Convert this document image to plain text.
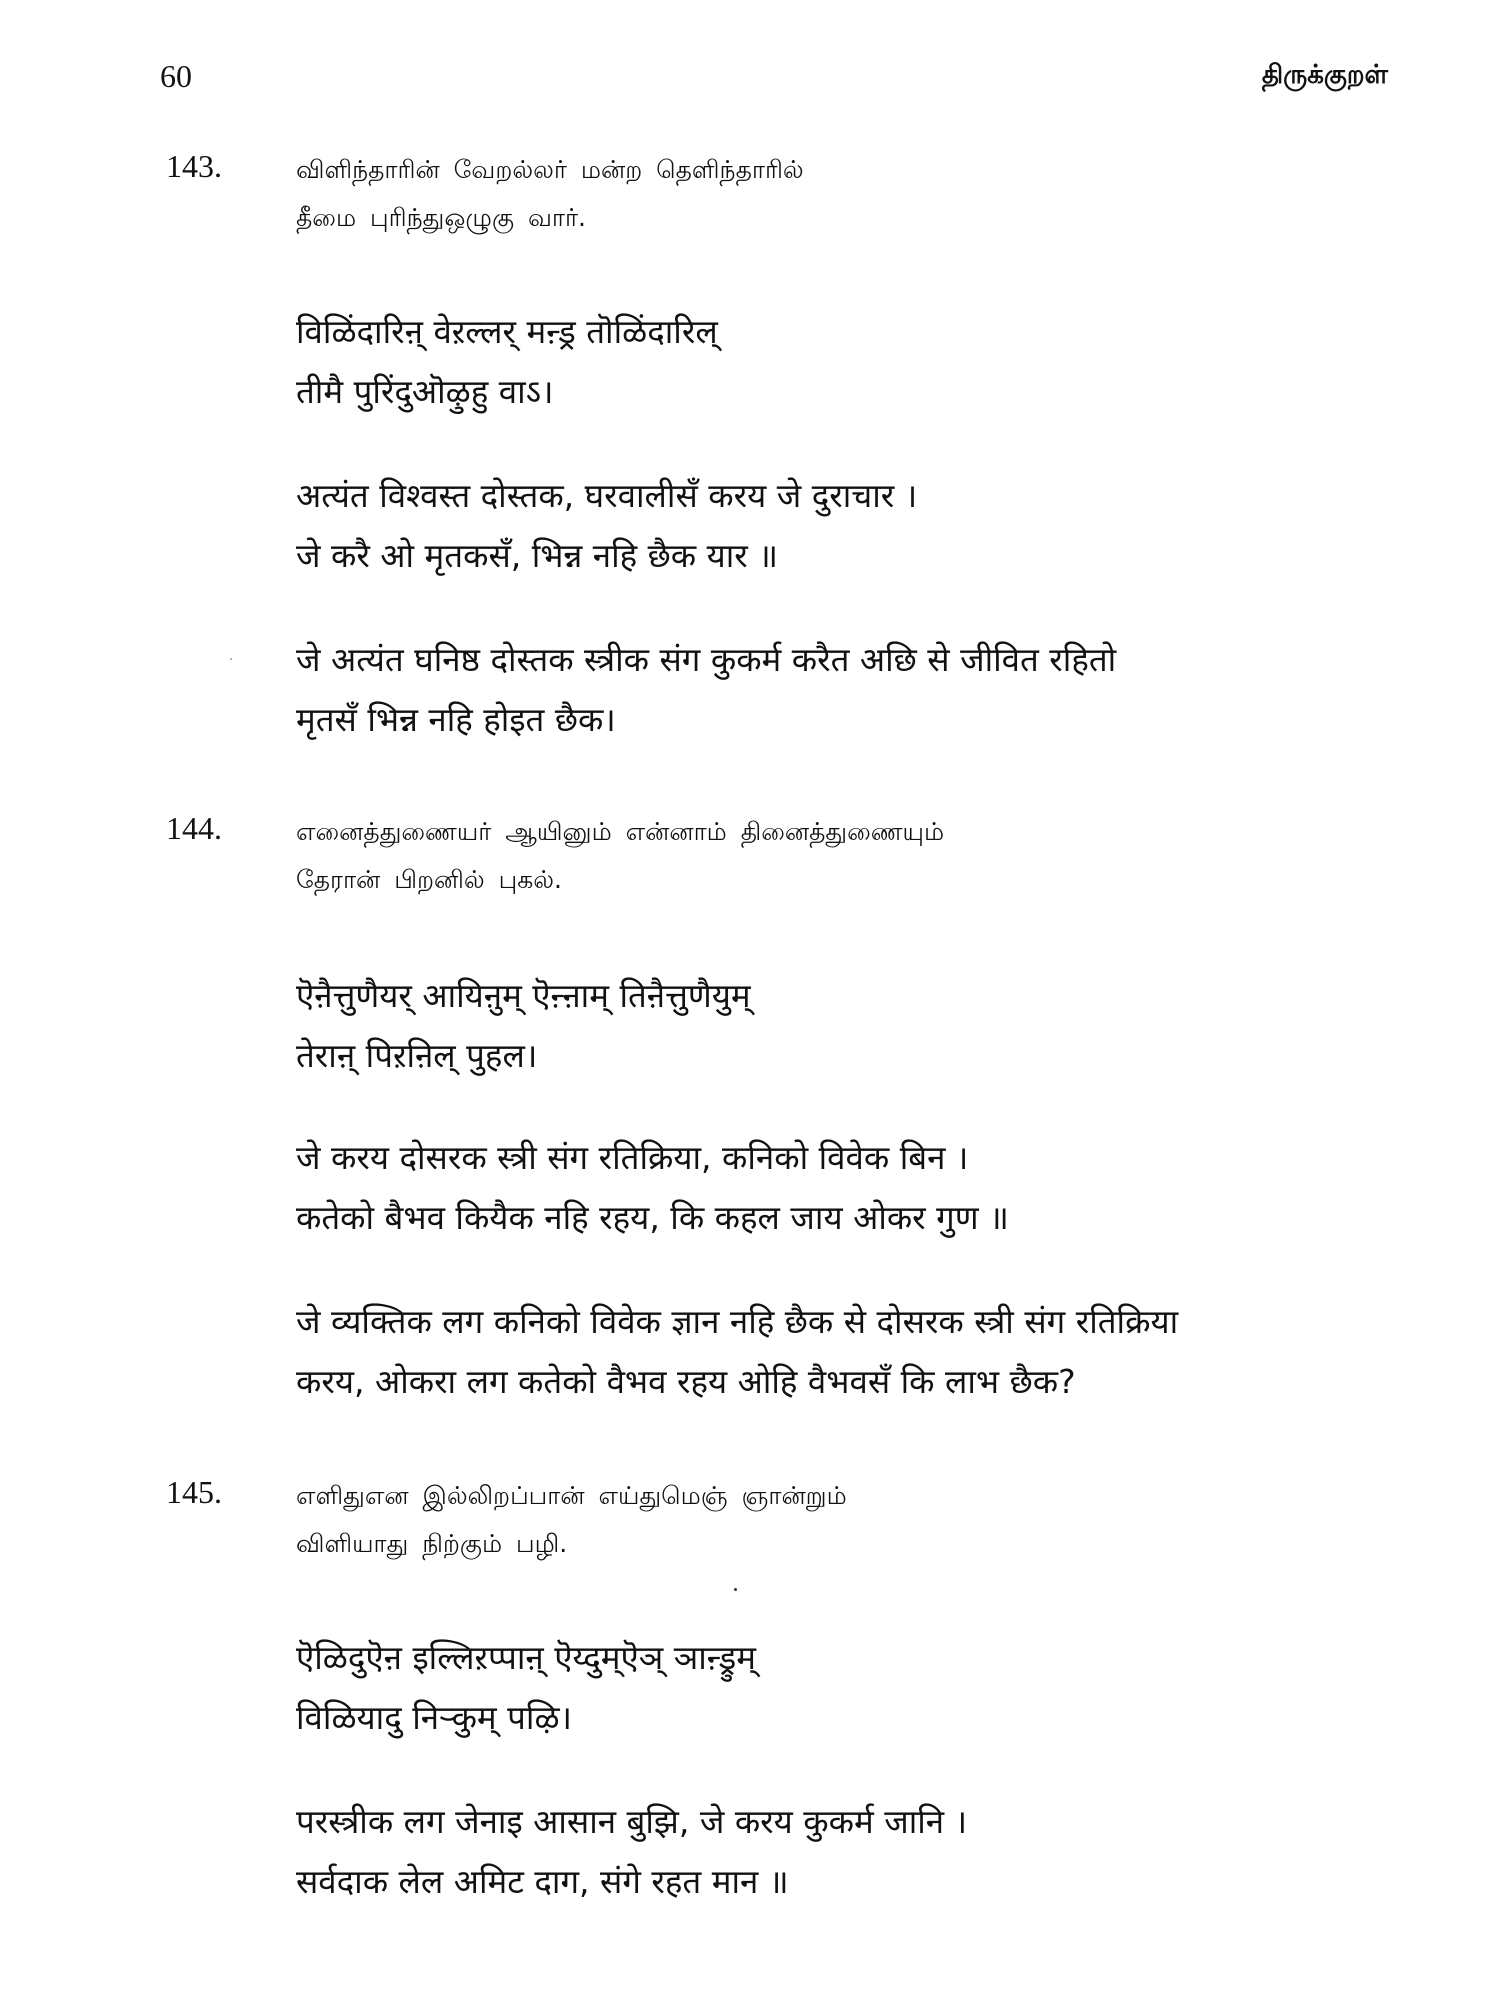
60	திருக்குறள்
143.	விளிந்தாரின் வேறல்லர் மன்ற தெளிந்தாரில்
தீமை புரிந்துஒழுகு வார்.
विळिंदारिऩ् वेऱल्लर् मऩ्ड्र तॊळिंदारिल्
तीमै पुरिंदुऒऴुहु वाऽ।
अत्यंत विश्वस्त दोस्तक, घरवालीसँ करय जे दुराचार ।
जे करै ओ मृतकसँ, भिन्न नहि छैक यार ॥
जे अत्यंत घनिष्ठ दोस्तक स्त्रीक संग कुकर्म करैत अछि से जीवित रहितो
मृतसँ भिन्न नहि होइत छैक।
144.	எனைத்துணையர் ஆயினும் என்னாம் தினைத்துணையும்
தேரான் பிறனில் புகல்.
ऎऩैत्तुणैयर् आयिऩुम् ऎऩ्ऩाम् तिऩैत्तुणैयुम्
तेराऩ् पिऱऩिल् पुहल।
जे करय दोसरक स्त्री संग रतिक्रिया, कनिको विवेक बिन ।
कतेको बैभव कियैक नहि रहय, कि कहल जाय ओकर गुण ॥
जे व्यक्तिक लग कनिको विवेक ज्ञान नहि छैक से दोसरक स्त्री संग रतिक्रिया
करय, ओकरा लग कतेको वैभव रहय ओहि वैभवसँ कि लाभ छैक?
145.	எளிதுஎன இல்லிறப்பான் எய்துமெஞ் ஞான்றும்
விளியாது நிற்கும் பழி.
ऎळिदुऎऩ इल्लिऱप्पाऩ् ऎय्दुम्ऎञ् ञाऩ्ड्रुम्
विळियादु निऱ्कुम् पऴि।
परस्त्रीक लग जेनाइ आसान बुझि, जे करय कुकर्म जानि ।
सर्वदाक लेल अमिट दाग, संगे रहत मान ॥
